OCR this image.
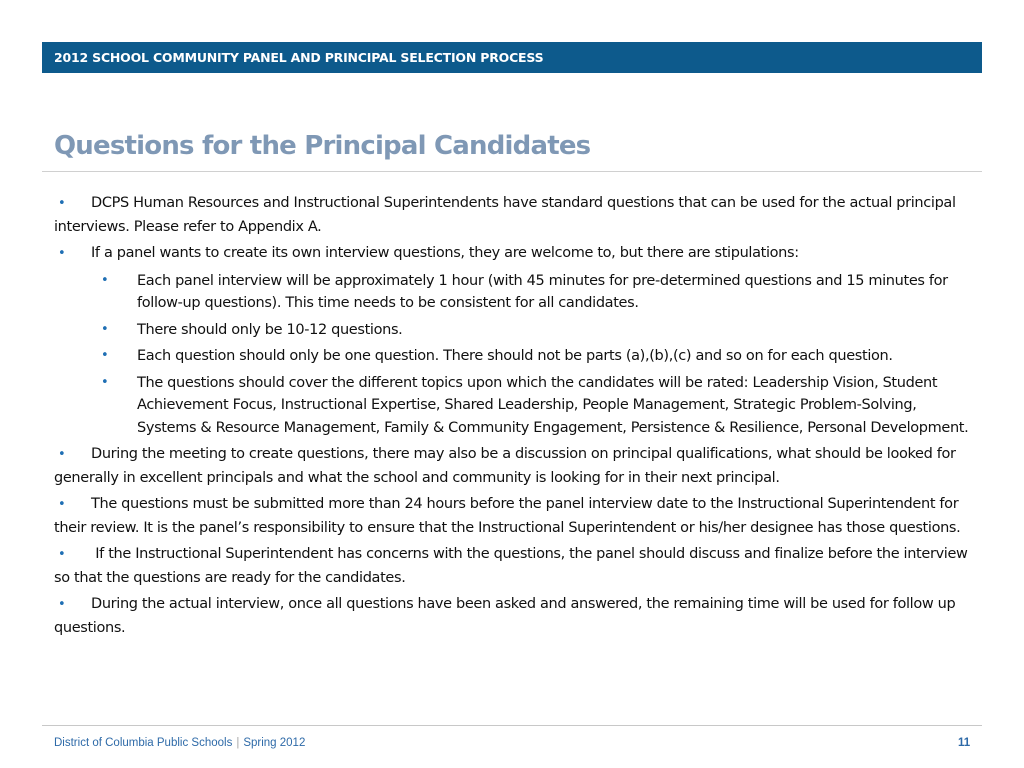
2012 SCHOOL COMMUNITY PANEL AND PRINCIPAL SELECTION PROCESS
Questions for the Principal Candidates
• DCPS Human Resources and Instructional Superintendents have standard questions that can be used for the actual principal interviews. Please refer to Appendix A.
• If a panel wants to create its own interview questions, they are welcome to, but there are stipulations:
• Each panel interview will be approximately 1 hour (with 45 minutes for pre-determined questions and 15 minutes for follow-up questions). This time needs to be consistent for all candidates.
• There should only be 10-12 questions.
• Each question should only be one question. There should not be parts (a),(b),(c) and so on for each question.
• The questions should cover the different topics upon which the candidates will be rated: Leadership Vision, Student Achievement Focus, Instructional Expertise, Shared Leadership, People Management, Strategic Problem-Solving, Systems & Resource Management, Family & Community Engagement, Persistence & Resilience, Personal Development.
• During the meeting to create questions, there may also be a discussion on principal qualifications, what should be looked for generally in excellent principals and what the school and community is looking for in their next principal.
• The questions must be submitted more than 24 hours before the panel interview date to the Instructional Superintendent for their review. It is the panel’s responsibility to ensure that the Instructional Superintendent or his/her designee has those questions.
• If the Instructional Superintendent has concerns with the questions, the panel should discuss and finalize before the interview so that the questions are ready for the candidates.
• During the actual interview, once all questions have been asked and answered, the remaining time will be used for follow up questions.
District of Columbia Public Schools | Spring 2012	11
